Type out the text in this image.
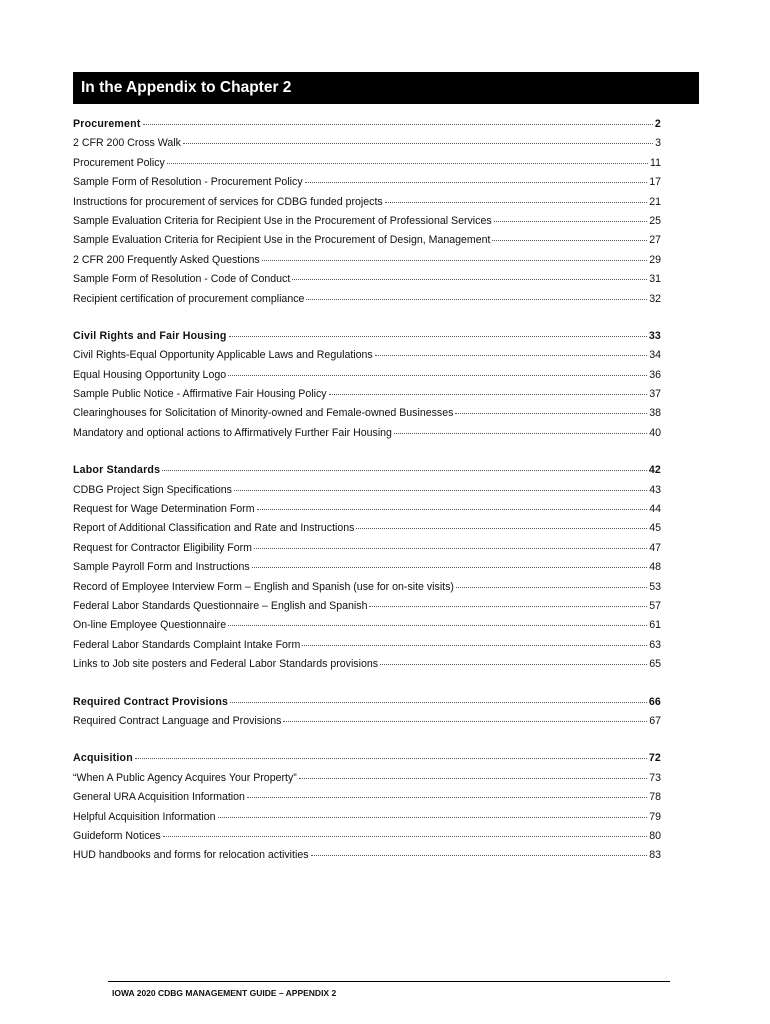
In the Appendix to Chapter 2
Procurement	2
2 CFR 200 Cross Walk	3
Procurement Policy	11
Sample Form of Resolution - Procurement Policy	17
Instructions for procurement of services for CDBG funded projects	21
Sample Evaluation Criteria for Recipient Use in the Procurement of Professional Services	25
Sample Evaluation Criteria for Recipient Use in the Procurement of Design, Management	27
2 CFR 200 Frequently Asked Questions	29
Sample Form of Resolution - Code of Conduct	31
Recipient certification of procurement compliance	32
Civil Rights and Fair Housing	33
Civil Rights-Equal Opportunity Applicable Laws and Regulations	34
Equal Housing Opportunity Logo	36
Sample Public Notice - Affirmative Fair Housing Policy	37
Clearinghouses for Solicitation of Minority-owned and Female-owned Businesses	38
Mandatory and optional actions to Affirmatively Further Fair Housing	40
Labor Standards	42
CDBG Project Sign Specifications	43
Request for Wage Determination Form	44
Report of Additional Classification and Rate and Instructions	45
Request for Contractor Eligibility Form	47
Sample Payroll Form and Instructions	48
Record of Employee Interview Form – English and Spanish (use for on-site visits)	53
Federal Labor Standards Questionnaire – English and Spanish	57
On-line Employee Questionnaire	61
Federal Labor Standards Complaint Intake Form	63
Links to Job site posters and Federal Labor Standards provisions	65
Required Contract Provisions	66
Required Contract Language and Provisions	67
Acquisition	72
“When A Public Agency Acquires Your Property”	73
General URA Acquisition Information	78
Helpful Acquisition Information	79
Guideform Notices	80
HUD handbooks and forms for relocation activities	83
IOWA 2020 CDBG MANAGEMENT GUIDE – APPENDIX 2
